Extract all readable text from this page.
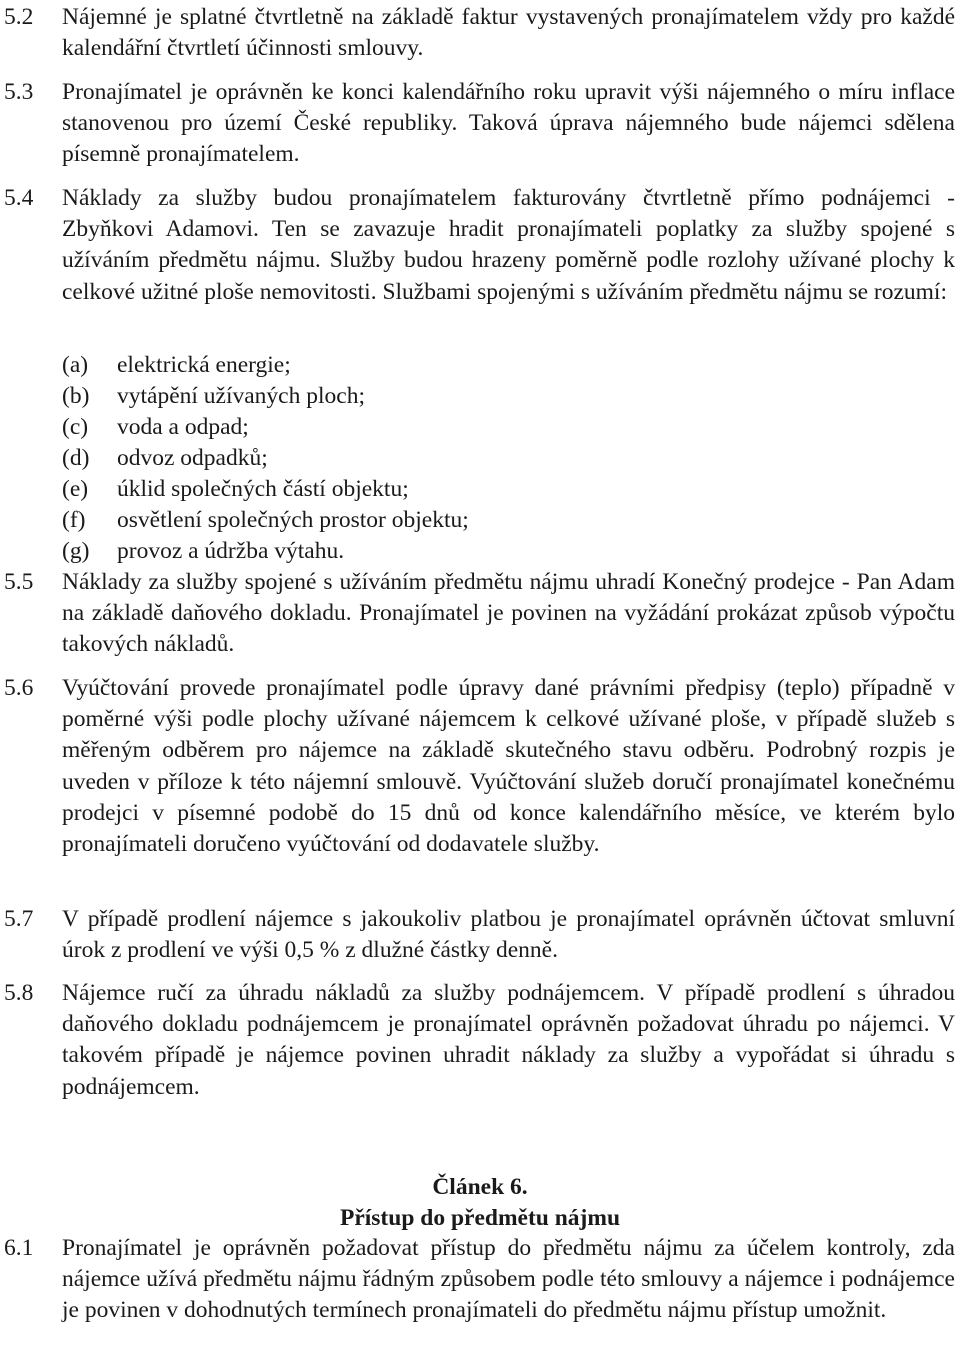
5.2	Nájemné je splatné čtvrtletně na základě faktur vystavených pronajímatelem vždy pro každé kalendářní čtvrtletí účinnosti smlouvy.
5.3	Pronajímatel je oprávněn ke konci kalendářního roku upravit výši nájemného o míru inflace stanovenou pro území České republiky. Taková úprava nájemného bude nájemci sdělena písemně pronajímatelem.
5.4	Náklady za služby budou pronajímatelem fakturovány čtvrtletně přímo podnájemci - Zbyňkovi Adamovi. Ten se zavazuje hradit pronajímateli poplatky za služby spojené s užíváním předmětu nájmu. Služby budou hrazeny poměrně podle rozlohy užívané plochy k celkové užitné ploše nemovitosti. Službami spojenými s užíváním předmětu nájmu se rozumí:
(a)	elektrická energie;
(b)	vytápění užívaných ploch;
(c)	voda a odpad;
(d)	odvoz odpadků;
(e)	úklid společných částí objektu;
(f)	osvětlení společných prostor objektu;
(g)	provoz a údržba výtahu.
5.5	Náklady za služby spojené s užíváním předmětu nájmu uhradí Konečný prodejce - Pan Adam na základě daňového dokladu. Pronajímatel je povinen na vyžádání prokázat způsob výpočtu takových nákladů.
5.6	Vyúčtování provede pronajímatel podle úpravy dané právními předpisy (teplo) případně v poměrné výši podle plochy užívané nájemcem k celkové užívané ploše, v případě služeb s měřeným odběrem pro nájemce na základě skutečného stavu odběru. Podrobný rozpis je uveden v příloze k této nájemní smlouvě. Vyúčtování služeb doručí pronajímatel konečnému prodejci v písemné podobě do 15 dnů od konce kalendářního měsíce, ve kterém bylo pronajímateli doručeno vyúčtování od dodavatele služby.
5.7	V případě prodlení nájemce s jakoukoliv platbou je pronajímatel oprávněn účtovat smluvní úrok z prodlení ve výši 0,5 % z dlužné částky denně.
5.8	Nájemce ručí za úhradu nákladů za služby podnájemcem. V případě prodlení s úhradou daňového dokladu podnájemcem je pronajímatel oprávněn požadovat úhradu po nájemci. V takovém případě je nájemce povinen uhradit náklady za služby a vypořádat si úhradu s podnájemcem.
Článek 6.
Přístup do předmětu nájmu
6.1	Pronajímatel je oprávněn požadovat přístup do předmětu nájmu za účelem kontroly, zda nájemce užívá předmětu nájmu řádným způsobem podle této smlouvy a nájemce i podnájemce je povinen v dohodnutých termínech pronajímateli do předmětu nájmu přístup umožnit.
